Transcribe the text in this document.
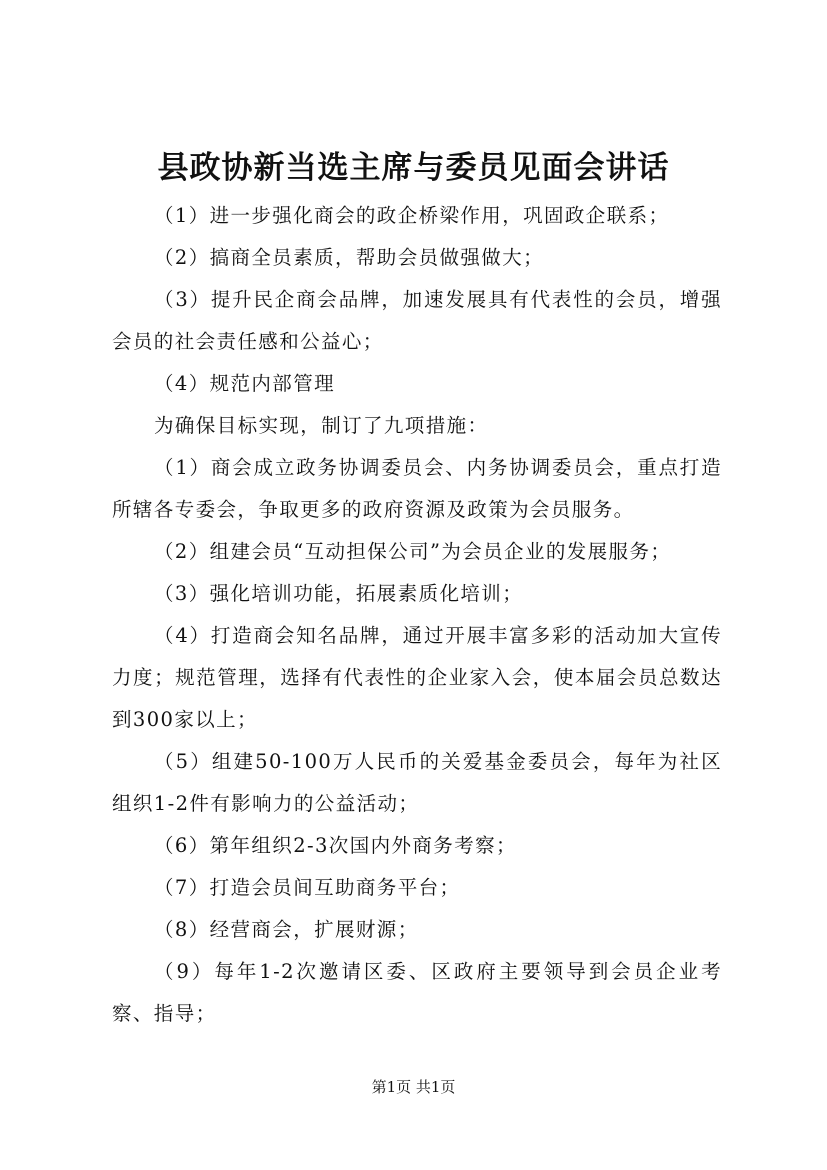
县政协新当选主席与委员见面会讲话

（1）进一步强化商会的政企桥梁作用，巩固政企联系；

（2）搞商全员素质，帮助会员做强做大；

（3）提升民企商会品牌，加速发展具有代表性的会员，增强会员的社会责任感和公益心；

（4）规范内部管理

为确保目标实现，制订了九项措施：

（1）商会成立政务协调委员会、内务协调委员会，重点打造所辖各专委会，争取更多的政府资源及政策为会员服务。

（2）组建会员“互动担保公司”为会员企业的发展服务；

（3）强化培训功能，拓展素质化培训；

（4）打造商会知名品牌，通过开展丰富多彩的活动加大宣传力度；规范管理，选择有代表性的企业家入会，使本届会员总数达到300家以上；

（5）组建50-100万人民币的关爱基金委员会，每年为社区组织1-2件有影响力的公益活动；

（6）第年组织2-3次国内外商务考察；

（7）打造会员间互助商务平台；

（8）经营商会，扩展财源；

（9）每年1-2次邀请区委、区政府主要领导到会员企业考察、指导；

第1页 共1页
